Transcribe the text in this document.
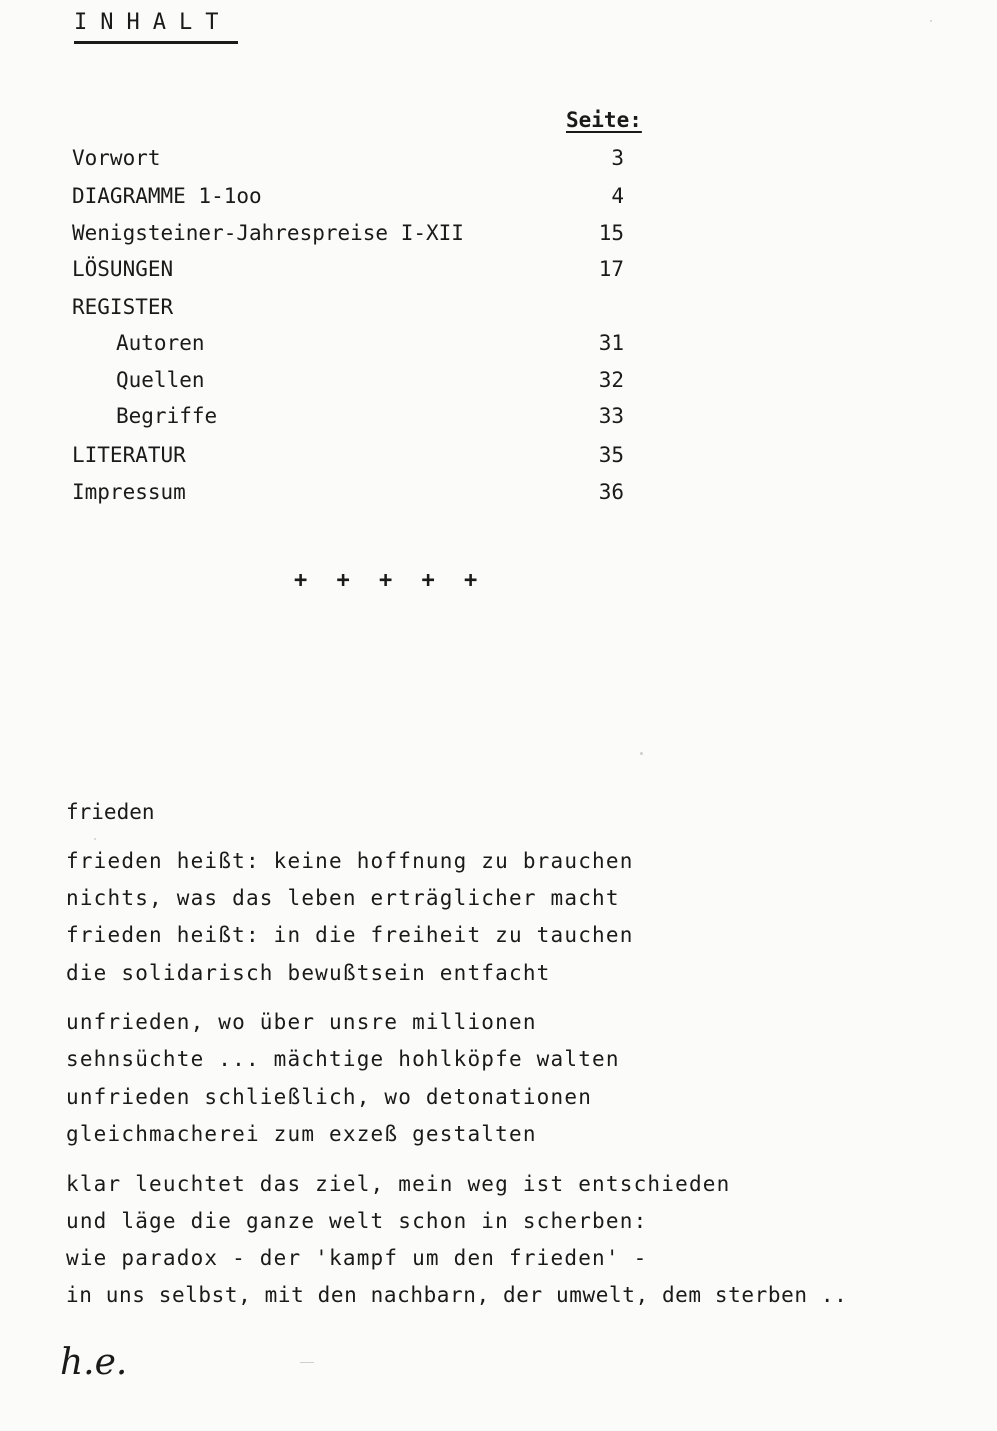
INHALT
Seite:
Vorwort	3
DIAGRAMME 1-1oo	4
Wenigsteiner-Jahrespreise I-XII	15
LÖSUNGEN	17
REGISTER
Autoren	31
Quellen	32
Begriffe	33
LITERATUR	35
Impressum	36
+ + + + +
frieden
frieden heißt: keine hoffnung zu brauchen
nichts, was das leben erträglicher macht
frieden heißt: in die freiheit zu tauchen
die solidarisch bewußtsein entfacht
unfrieden, wo über unsre millionen
sehnsüchte ... mächtige hohlköpfe walten
unfrieden schließlich, wo detonationen
gleichmacherei zum exzeß gestalten
klar leuchtet das ziel, mein weg ist entschieden
und läge die ganze welt schon in scherben:
wie paradox - der 'kampf um den frieden' -
in uns selbst, mit den nachbarn, der umwelt, dem sterben ..
h.e.
